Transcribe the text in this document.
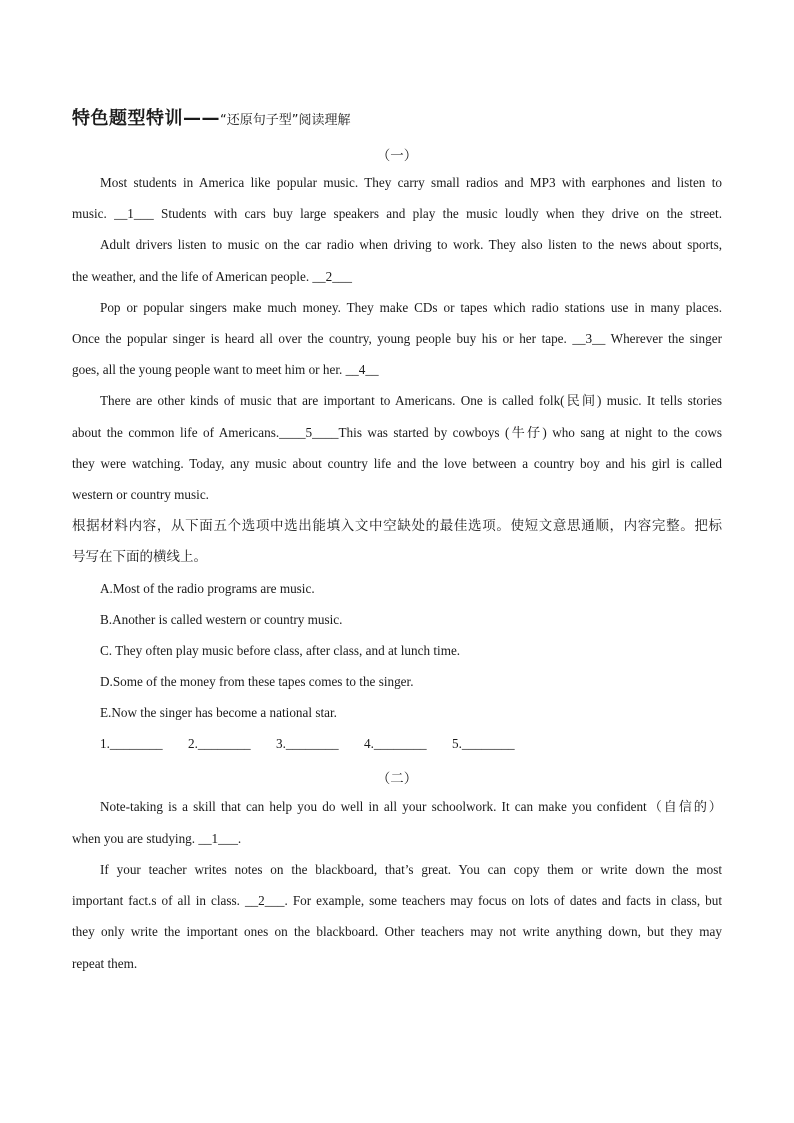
特色题型特训——“还原句子型”阅读理解
（一）
Most students in America like popular music. They carry small radios and MP3 with earphones and listen to
music. __1___ Students with cars buy large speakers and play the music loudly when they drive on the street.
Adult drivers listen to music on the car radio when driving to work. They also listen to the news about sports,
the weather, and the life of American people. __2___
Pop or popular singers make much money. They make CDs or tapes which radio stations use in many places.
Once the popular singer is heard all over the country, young people buy his or her tape. __3__ Wherever the singer
goes, all the young people want to meet him or her. __4__
There are other kinds of music that are important to Americans. One is called folk(民间) music. It tells stories
about the common life of Americans.____5____This was started by cowboys (牛仔) who sang at night to the cows
they were watching. Today, any music about country life and the love between a country boy and his girl is called
western or country music.
根据材料内容，从下面五个选项中选出能填入文中空缺处的最佳选项。使短文意思通顺，内容完整。把标
号写在下面的横线上。
A.Most of the radio programs are music.
B.Another is called western or country music.
C. They often play music before class, after class, and at lunch time.
D.Some of the money from these tapes comes to the singer.
E.Now the singer has become a national star.
1.________ 2.________ 3.________ 4.________ 5.________
（二）
Note-taking is a skill that can help you do well in all your schoolwork. It can make you confident（自信的）
when you are studying. __1___.
If your teacher writes notes on the blackboard, that’s great. You can copy them or write down the most
important fact.s of all in class. __2___. For example, some teachers may focus on lots of dates and facts in class, but
they only write the important ones on the blackboard. Other teachers may not write anything down, but they may
repeat them.
